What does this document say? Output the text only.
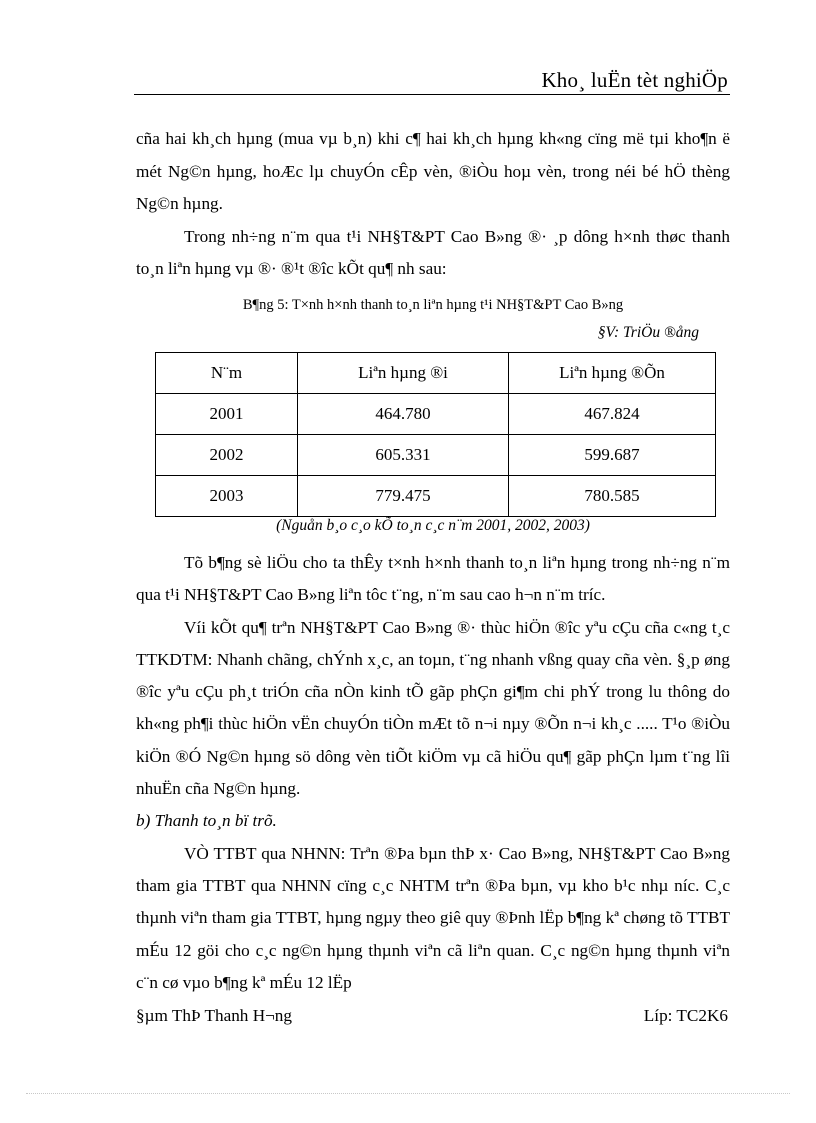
Kho¸ luËn tèt nghiÖp

cña hai kh¸ch hµng (mua vµ b¸n) khi c¶ hai kh¸ch hµng kh«ng cïng më tµi kho¶n ë mét Ng©n hµng, hoÆc lµ chuyÓn cÊp vèn, ®iÒu hoµ vèn, trong néi bé hÖ thèng Ng©n hµng.

Trong nh÷ng n¨m qua t¹i NH§T&PT Cao B»ng ®· ¸p dông h×nh thøc thanh to¸n liªn hµng vµ ®· ®¹t ®îc kÕt qu¶ nh sau:

B¶ng 5: T×nh h×nh thanh to¸n liªn hµng t¹i NH§T&PT Cao B»ng
§V: TriÖu ®ång
N¨m	Liªn hµng ®i	Liªn hµng ®Õn
2001	464.780	467.824
2002	605.331	599.687
2003	779.475	780.585
(Nguån b¸o c¸o kÕ to¸n c¸c n¨m 2001, 2002, 2003)

Tõ b¶ng sè liÖu cho ta thÊy t×nh h×nh thanh to¸n liªn hµng trong nh÷ng n¨m qua t¹i NH§T&PT Cao B»ng liªn tôc t¨ng, n¨m sau cao h¬n n¨m tríc.

Víi kÕt qu¶ trªn NH§T&PT Cao B»ng ®· thùc hiÖn ®îc yªu cÇu cña c«ng t¸c TTKDTM: Nhanh chãng, chÝnh x¸c, an toµn, t¨ng nhanh vßng quay cña vèn. §¸p øng ®îc yªu cÇu ph¸t triÓn cña nÒn kinh tÕ gãp phÇn gi¶m chi phÝ trong lu thông do kh«ng ph¶i thùc hiÖn vËn chuyÓn tiÒn mÆt tõ n¬i nµy ®Õn n¬i kh¸c ..... T¹o ®iÒu kiÖn ®Ó Ng©n hµng sö dông vèn tiÕt kiÖm vµ cã hiÖu qu¶ gãp phÇn lµm t¨ng lîi nhuËn cña Ng©n hµng.

b) Thanh to¸n bï trõ.

VÒ TTBT qua NHNN: Trªn ®Þa bµn thÞ x· Cao B»ng, NH§T&PT Cao B»ng tham gia TTBT qua NHNN cïng c¸c NHTM trªn ®Þa bµn, vµ kho b¹c nhµ níc. C¸c thµnh viªn tham gia TTBT, hµng ngµy theo giê quy ®Þnh lËp b¶ng kª chøng tõ TTBT mÉu 12 göi cho c¸c ng©n hµng thµnh viªn cã liªn quan. C¸c ng©n hµng thµnh viªn c¨n cø vµo b¶ng kª mÉu 12 lËp

§µm ThÞ Thanh H¬ng	Líp: TC2K6
